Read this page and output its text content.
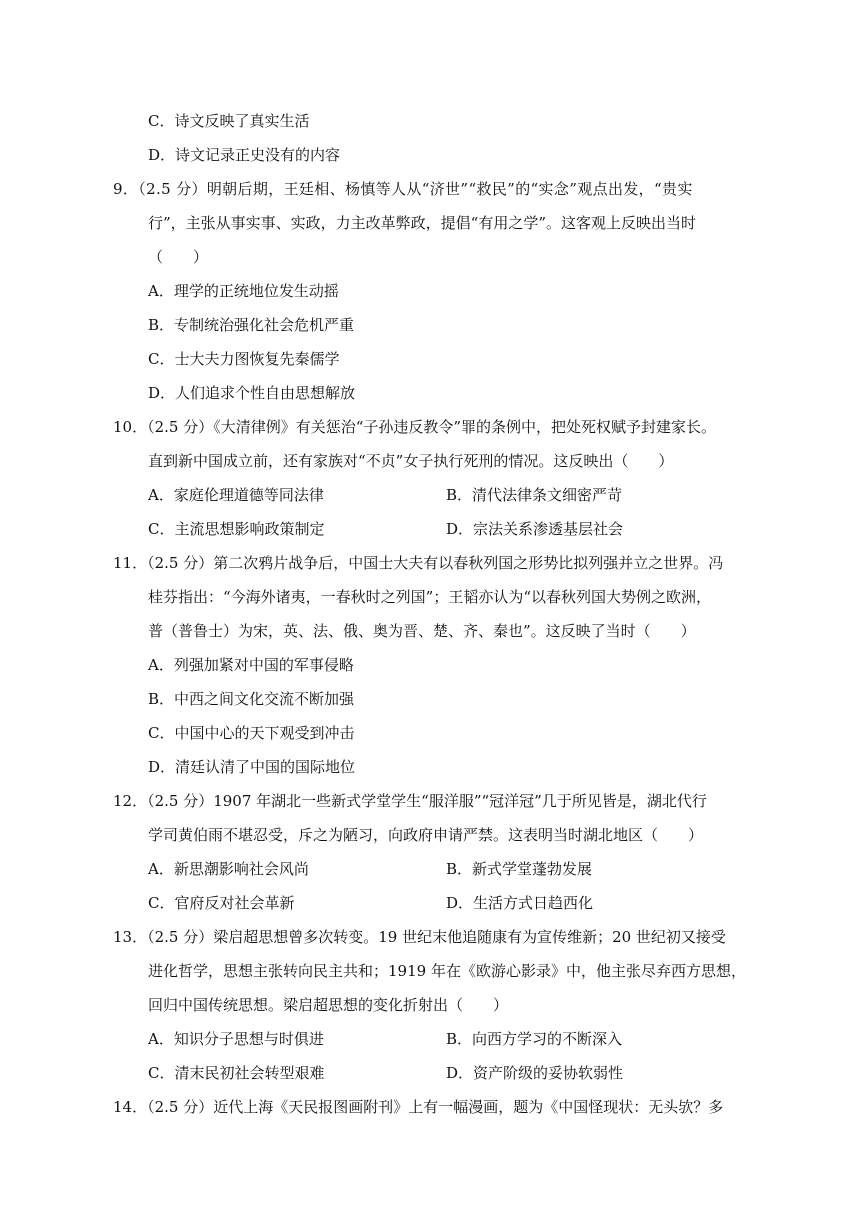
C．诗文反映了真实生活
D．诗文记录正史没有的内容
9．（2.5 分）明朝后期，王廷相、杨慎等人从“济世”“救民”的“实念”观点出发，“贵实
行”，主张从事实事、实政，力主改革弊政，提倡“有用之学”。这客观上反映出当时
（　　）
A．理学的正统地位发生动摇
B．专制统治强化社会危机严重
C．士大夫力图恢复先秦儒学
D．人们追求个性自由思想解放
10．（2.5 分）《大清律例》有关惩治“子孙违反教令”罪的条例中，把处死权赋予封建家长。
直到新中国成立前，还有家族对“不贞”女子执行死刑的情况。这反映出（　　）
A．家庭伦理道德等同法律	B．清代法律条文细密严苛
C．主流思想影响政策制定	D．宗法关系渗透基层社会
11．（2.5 分）第二次鸦片战争后，中国士大夫有以春秋列国之形势比拟列强并立之世界。冯
桂芬指出：“今海外诸夷，一春秋时之列国”；王韬亦认为“以春秋列国大势例之欧洲，
普（普鲁士）为宋，英、法、俄、奥为晋、楚、齐、秦也”。这反映了当时（　　）
A．列强加紧对中国的军事侵略
B．中西之间文化交流不断加强
C．中国中心的天下观受到冲击
D．清廷认清了中国的国际地位
12．（2.5 分）1907 年湖北一些新式学堂学生“服洋服”“冠洋冠”几于所见皆是，湖北代行
学司黄伯雨不堪忍受，斥之为陋习，向政府申请严禁。这表明当时湖北地区（　　）
A．新思潮影响社会风尚	B．新式学堂蓬勃发展
C．官府反对社会革新	D．生活方式日趋西化
13．（2.5 分）梁启超思想曾多次转变。19 世纪末他追随康有为宣传维新；20 世纪初又接受
进化哲学，思想主张转向民主共和；1919 年在《欧游心影录》中，他主张尽弃西方思想，
回归中国传统思想。梁启超思想的变化折射出（　　）
A．知识分子思想与时俱进	B．向西方学习的不断深入
C．清末民初社会转型艰难	D．资产阶级的妥协软弱性
14．（2.5 分）近代上海《天民报图画附刊》上有一幅漫画，题为《中国怪现状：无头欤？多
